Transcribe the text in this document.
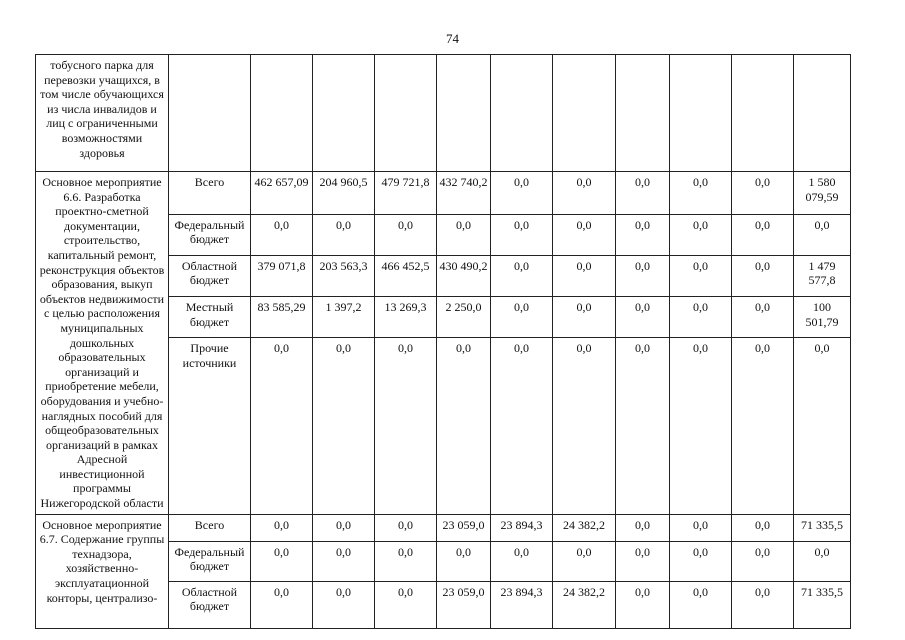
74
тобусного парка для перевозки учащихся, в том числе обучающихся из числа инвалидов и лиц с ограниченными возможностями здоровья											
Основное мероприятие 6.6. Разработка проектно-сметной документации, строительство, капитальный ремонт, реконструкция объектов образования, выкуп объектов недвижимости с целью расположения муниципальных дошкольных образовательных организаций и приобретение мебели, оборудования и учебно-наглядных пособий для общеобразовательных организаций в рамках Адресной инвестиционной программы Нижегородской области	Всего	462 657,09	204 960,5	479 721,8	432 740,2	0,0	0,0	0,0	0,0	0,0	1 580 079,59
	Федеральный бюджет	0,0	0,0	0,0	0,0	0,0	0,0	0,0	0,0	0,0	0,0
	Областной бюджет	379 071,8	203 563,3	466 452,5	430 490,2	0,0	0,0	0,0	0,0	0,0	1 479 577,8
	Местный бюджет	83 585,29	1 397,2	13 269,3	2 250,0	0,0	0,0	0,0	0,0	0,0	100 501,79
	Прочие источники	0,0	0,0	0,0	0,0	0,0	0,0	0,0	0,0	0,0	0,0
Основное мероприятие 6.7. Содержание группы технадзора, хозяйственно-эксплуатационной конторы, централизо-	Всего	0,0	0,0	0,0	23 059,0	23 894,3	24 382,2	0,0	0,0	0,0	71 335,5
	Федеральный бюджет	0,0	0,0	0,0	0,0	0,0	0,0	0,0	0,0	0,0	0,0
	Областной бюджет	0,0	0,0	0,0	23 059,0	23 894,3	24 382,2	0,0	0,0	0,0	71 335,5
